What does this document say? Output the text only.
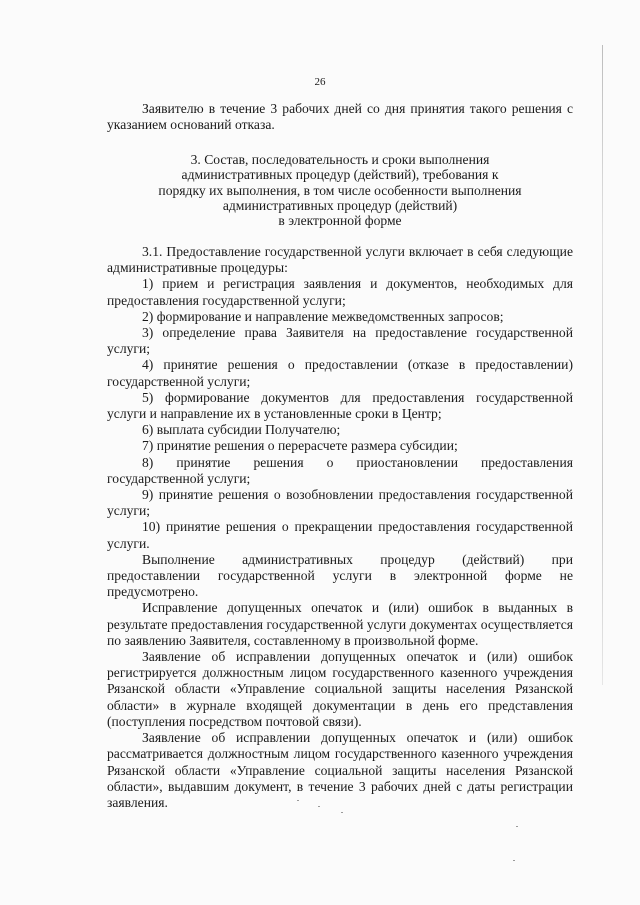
26

Заявителю в течение 3 рабочих дней со дня принятия такого решения с указанием оснований отказа.

3. Состав, последовательность и сроки выполнения
административных процедур (действий), требования к
порядку их выполнения, в том числе особенности выполнения
административных процедур (действий)
в электронной форме

3.1. Предоставление государственной услуги включает в себя следующие административные процедуры:

1) прием и регистрация заявления и документов, необходимых для предоставления государственной услуги;

2) формирование и направление межведомственных запросов;

3) определение права Заявителя на предоставление государственной услуги;

4) принятие решения о предоставлении (отказе в предоставлении) государственной услуги;

5) формирование документов для предоставления государственной услуги и направление их в установленные сроки в Центр;

6) выплата субсидии Получателю;

7) принятие решения о перерасчете размера субсидии;

8) принятие решения о приостановлении предоставления государственной услуги;

9) принятие решения о возобновлении предоставления государственной услуги;

10) принятие решения о прекращении предоставления государственной услуги.

Выполнение административных процедур (действий) при предоставлении государственной услуги в электронной форме не предусмотрено.

Исправление допущенных опечаток и (или) ошибок в выданных в результате предоставления государственной услуги документах осуществляется по заявлению Заявителя, составленному в произвольной форме.

Заявление об исправлении допущенных опечаток и (или) ошибок регистрируется должностным лицом государственного казенного учреждения Рязанской области «Управление социальной защиты населения Рязанской области» в журнале входящей документации в день его представления (поступления посредством почтовой связи).

Заявление об исправлении допущенных опечаток и (или) ошибок рассматривается должностным лицом государственного казенного учреждения Рязанской области «Управление социальной защиты населения Рязанской области», выдавшим документ, в течение 3 рабочих дней с даты регистрации заявления.
